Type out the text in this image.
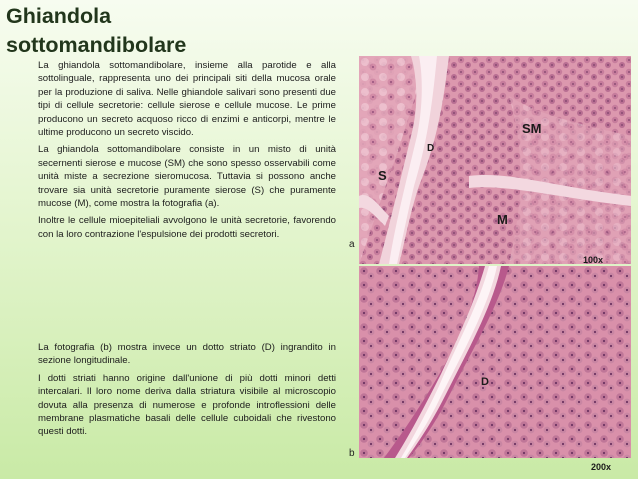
Ghiandola
sottomandibolare

La ghiandola sottomandibolare, insieme alla parotide e alla sottolinguale, rappresenta uno dei principali siti della mucosa orale per la produzione di saliva. Nelle ghiandole salivari sono presenti due tipi di cellule secretorie: cellule sierose e cellule mucose. Le prime producono un secreto acquoso ricco di enzimi e anticorpi, mentre le ultime producono un secreto viscido.

La ghiandola sottomandibolare consiste in un misto di unità secernenti sierose e mucose (SM) che sono spesso osservabili come unità miste a secrezione sieromucosa. Tuttavia si possono anche trovare sia unità secretorie puramente sierose (S) che puramente mucose (M), come mostra la fotografia (a).

Inoltre le cellule mioepiteliali avvolgono le unità secretorie, favorendo con la loro contrazione l'espulsione dei prodotti secretori.

La fotografia (b) mostra invece un dotto striato (D) ingrandito in sezione longitudinale.

I dotti striati hanno origine dall'unione di più dotti minori detti intercalari. Il loro nome deriva dalla striatura visibile al microscopio dovuta alla presenza di numerose e profonde introflessioni delle membrane plasmatiche basali delle cellule cuboidali che rivestono questi dotti.

D
SM
S
M
100x
a
D
200x
b
